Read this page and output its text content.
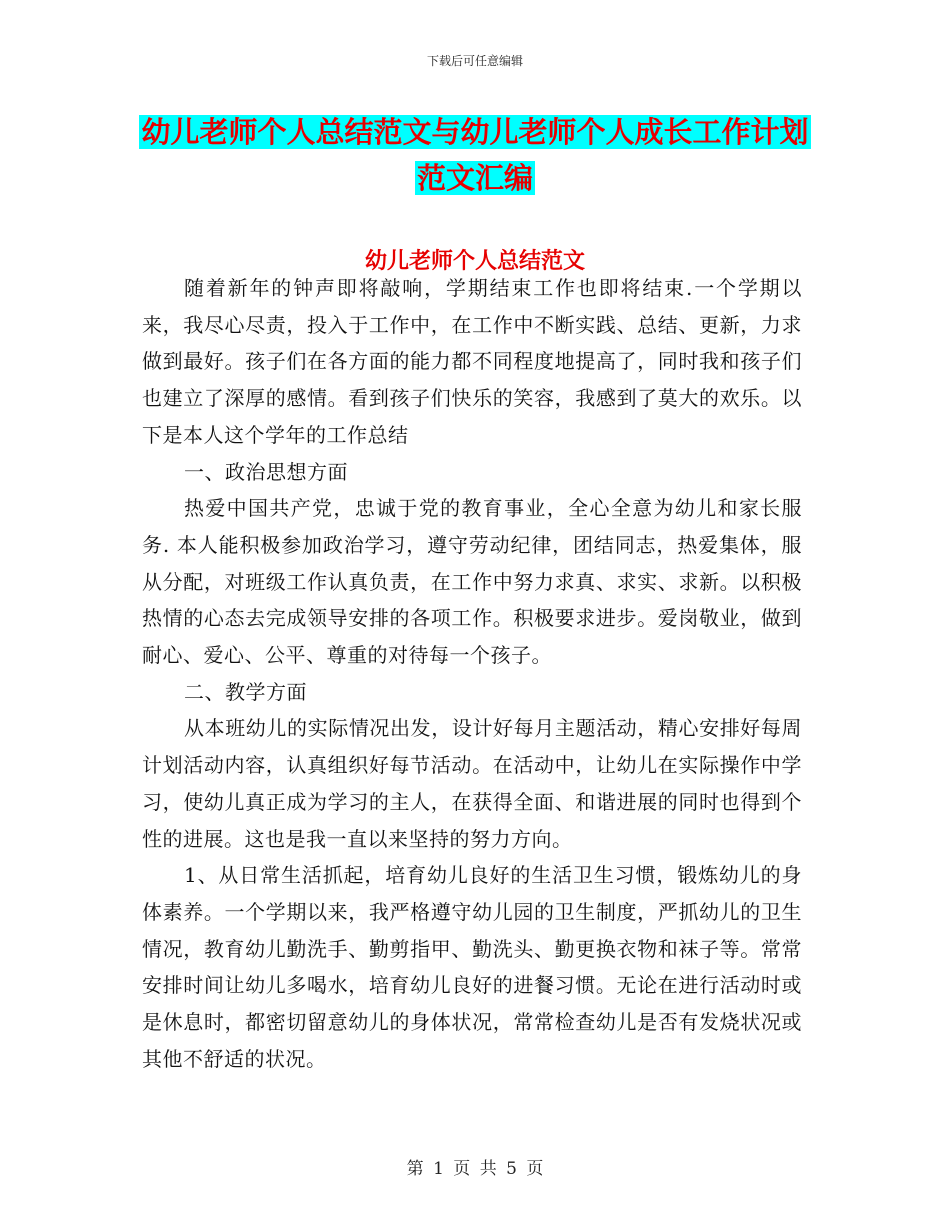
下载后可任意编辑
幼儿老师个人总结范文与幼儿老师个人成长工作计划
范文汇编
幼儿老师个人总结范文

随着新年的钟声即将敲响，学期结束工作也即将结束.一个学期以来，我尽心尽责，投入于工作中，在工作中不断实践、总结、更新，力求做到最好。孩子们在各方面的能力都不同程度地提高了，同时我和孩子们也建立了深厚的感情。看到孩子们快乐的笑容，我感到了莫大的欢乐。以下是本人这个学年的工作总结

一、政治思想方面

热爱中国共产党，忠诚于党的教育事业，全心全意为幼儿和家长服务. 本人能积极参加政治学习，遵守劳动纪律，团结同志，热爱集体，服从分配，对班级工作认真负责，在工作中努力求真、求实、求新。以积极热情的心态去完成领导安排的各项工作。积极要求进步。爱岗敬业，做到耐心、爱心、公平、尊重的对待每一个孩子。

二、教学方面

从本班幼儿的实际情况出发，设计好每月主题活动，精心安排好每周计划活动内容，认真组织好每节活动。在活动中，让幼儿在实际操作中学习，使幼儿真正成为学习的主人，在获得全面、和谐进展的同时也得到个性的进展。这也是我一直以来坚持的努力方向。

1、从日常生活抓起，培育幼儿良好的生活卫生习惯，锻炼幼儿的身体素养。一个学期以来，我严格遵守幼儿园的卫生制度，严抓幼儿的卫生情况，教育幼儿勤洗手、勤剪指甲、勤洗头、勤更换衣物和袜子等。常常安排时间让幼儿多喝水，培育幼儿良好的进餐习惯。无论在进行活动时或是休息时，都密切留意幼儿的身体状况，常常检查幼儿是否有发烧状况或其他不舒适的状况。

第 1 页 共 5 页
